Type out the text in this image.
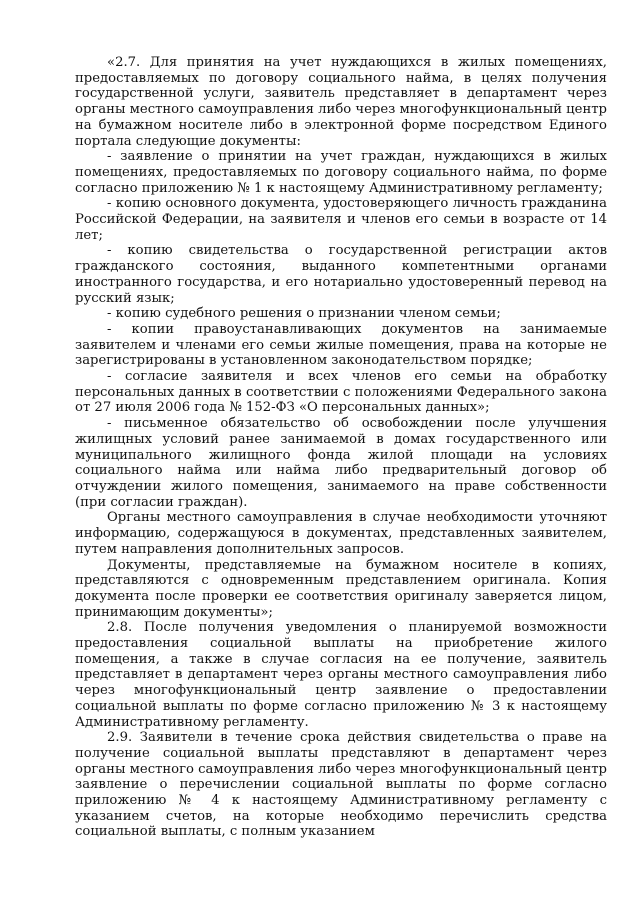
«2.7. Для принятия на учет нуждающихся в жилых помещениях, предоставляемых по договору социального найма, в целях получения государственной услуги, заявитель представляет в департамент через органы местного самоуправления либо через многофункциональный центр на бумажном носителе либо в электронной форме посредством Единого портала следующие документы:

- заявление о принятии на учет граждан, нуждающихся в жилых помещениях, предоставляемых по договору социального найма, по форме согласно приложению № 1 к настоящему Административному регламенту;

- копию основного документа, удостоверяющего личность гражданина Российской Федерации, на заявителя и членов его семьи в возрасте от 14 лет;

- копию свидетельства о государственной регистрации актов гражданского состояния, выданного компетентными органами иностранного государства, и его нотариально удостоверенный перевод на русский язык;

- копию судебного решения о признании членом семьи;

- копии правоустанавливающих документов на занимаемые заявителем и членами его семьи жилые помещения, права на которые не зарегистрированы в установленном законодательством порядке;

- согласие заявителя и всех членов его семьи на обработку персональных данных в соответствии с положениями Федерального закона от 27 июля 2006 года № 152-ФЗ «О персональных данных»;

- письменное обязательство об освобождении после улучшения жилищных условий ранее занимаемой в домах государственного или муниципального жилищного фонда жилой площади на условиях социального найма или найма либо предварительный договор об отчуждении жилого помещения, занимаемого на праве собственности (при согласии граждан).

Органы местного самоуправления в случае необходимости уточняют информацию, содержащуюся в документах, представленных заявителем, путем направления дополнительных запросов.

Документы, представляемые на бумажном носителе в копиях, представляются с одновременным представлением оригинала. Копия документа после проверки ее соответствия оригиналу заверяется лицом, принимающим документы»;

2.8. После получения уведомления о планируемой возможности предоставления социальной выплаты на приобретение жилого помещения, а также в случае согласия на ее получение, заявитель представляет в департамент через органы местного самоуправления либо через многофункциональный центр заявление о предоставлении социальной выплаты по форме согласно приложению № 3 к настоящему Административному регламенту.

2.9. Заявители в течение срока действия свидетельства о праве на получение социальной выплаты представляют в департамент через органы местного самоуправления либо через многофункциональный центр заявление о перечислении социальной выплаты по форме согласно приложению № 4 к настоящему Административному регламенту с указанием счетов, на которые необходимо перечислить средства социальной выплаты, с полным указанием
